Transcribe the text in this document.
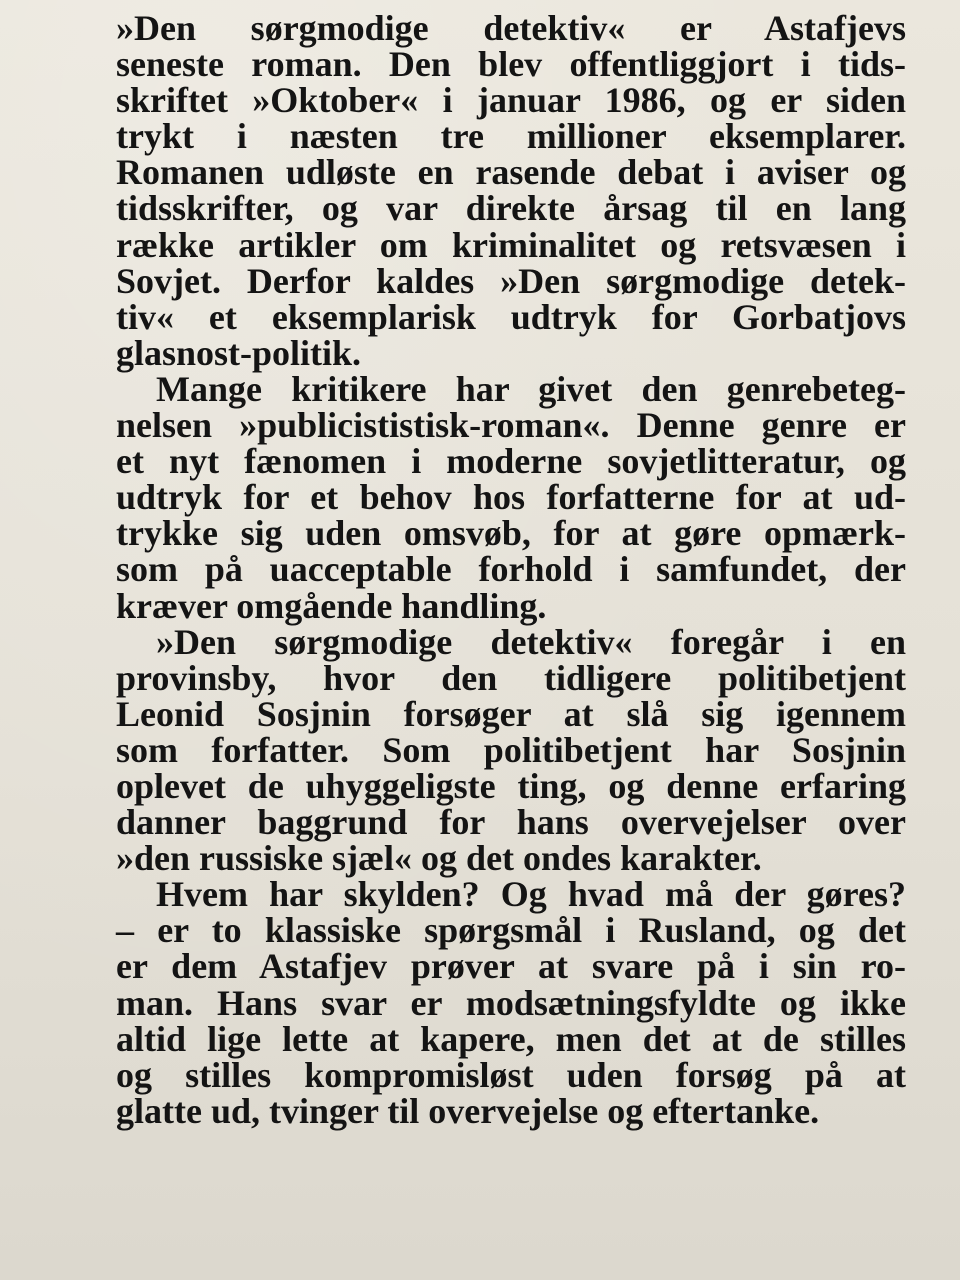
»Den sørgmodige detektiv« er Astafjevs
seneste roman. Den blev offentliggjort i tids-
skriftet »Oktober« i januar 1986, og er siden
trykt i næsten tre millioner eksemplarer.
Romanen udløste en rasende debat i aviser og
tidsskrifter, og var direkte årsag til en lang
række artikler om kriminalitet og retsvæsen i
Sovjet. Derfor kaldes »Den sørgmodige detek-
tiv« et eksemplarisk udtryk for Gorbatjovs
glasnost-politik.
Mange kritikere har givet den genrebeteg-
nelsen »publicististisk-roman«. Denne genre er
et nyt fænomen i moderne sovjetlitteratur, og
udtryk for et behov hos forfatterne for at ud-
trykke sig uden omsvøb, for at gøre opmærk-
som på uacceptable forhold i samfundet, der
kræver omgående handling.
»Den sørgmodige detektiv« foregår i en
provinsby, hvor den tidligere politibetjent
Leonid Sosjnin forsøger at slå sig igennem
som forfatter. Som politibetjent har Sosjnin
oplevet de uhyggeligste ting, og denne erfaring
danner baggrund for hans overvejelser over
»den russiske sjæl« og det ondes karakter.
Hvem har skylden? Og hvad må der gøres?
– er to klassiske spørgsmål i Rusland, og det
er dem Astafjev prøver at svare på i sin ro-
man. Hans svar er modsætningsfyldte og ikke
altid lige lette at kapere, men det at de stilles
og stilles kompromisløst uden forsøg på at
glatte ud, tvinger til overvejelse og eftertanke.
